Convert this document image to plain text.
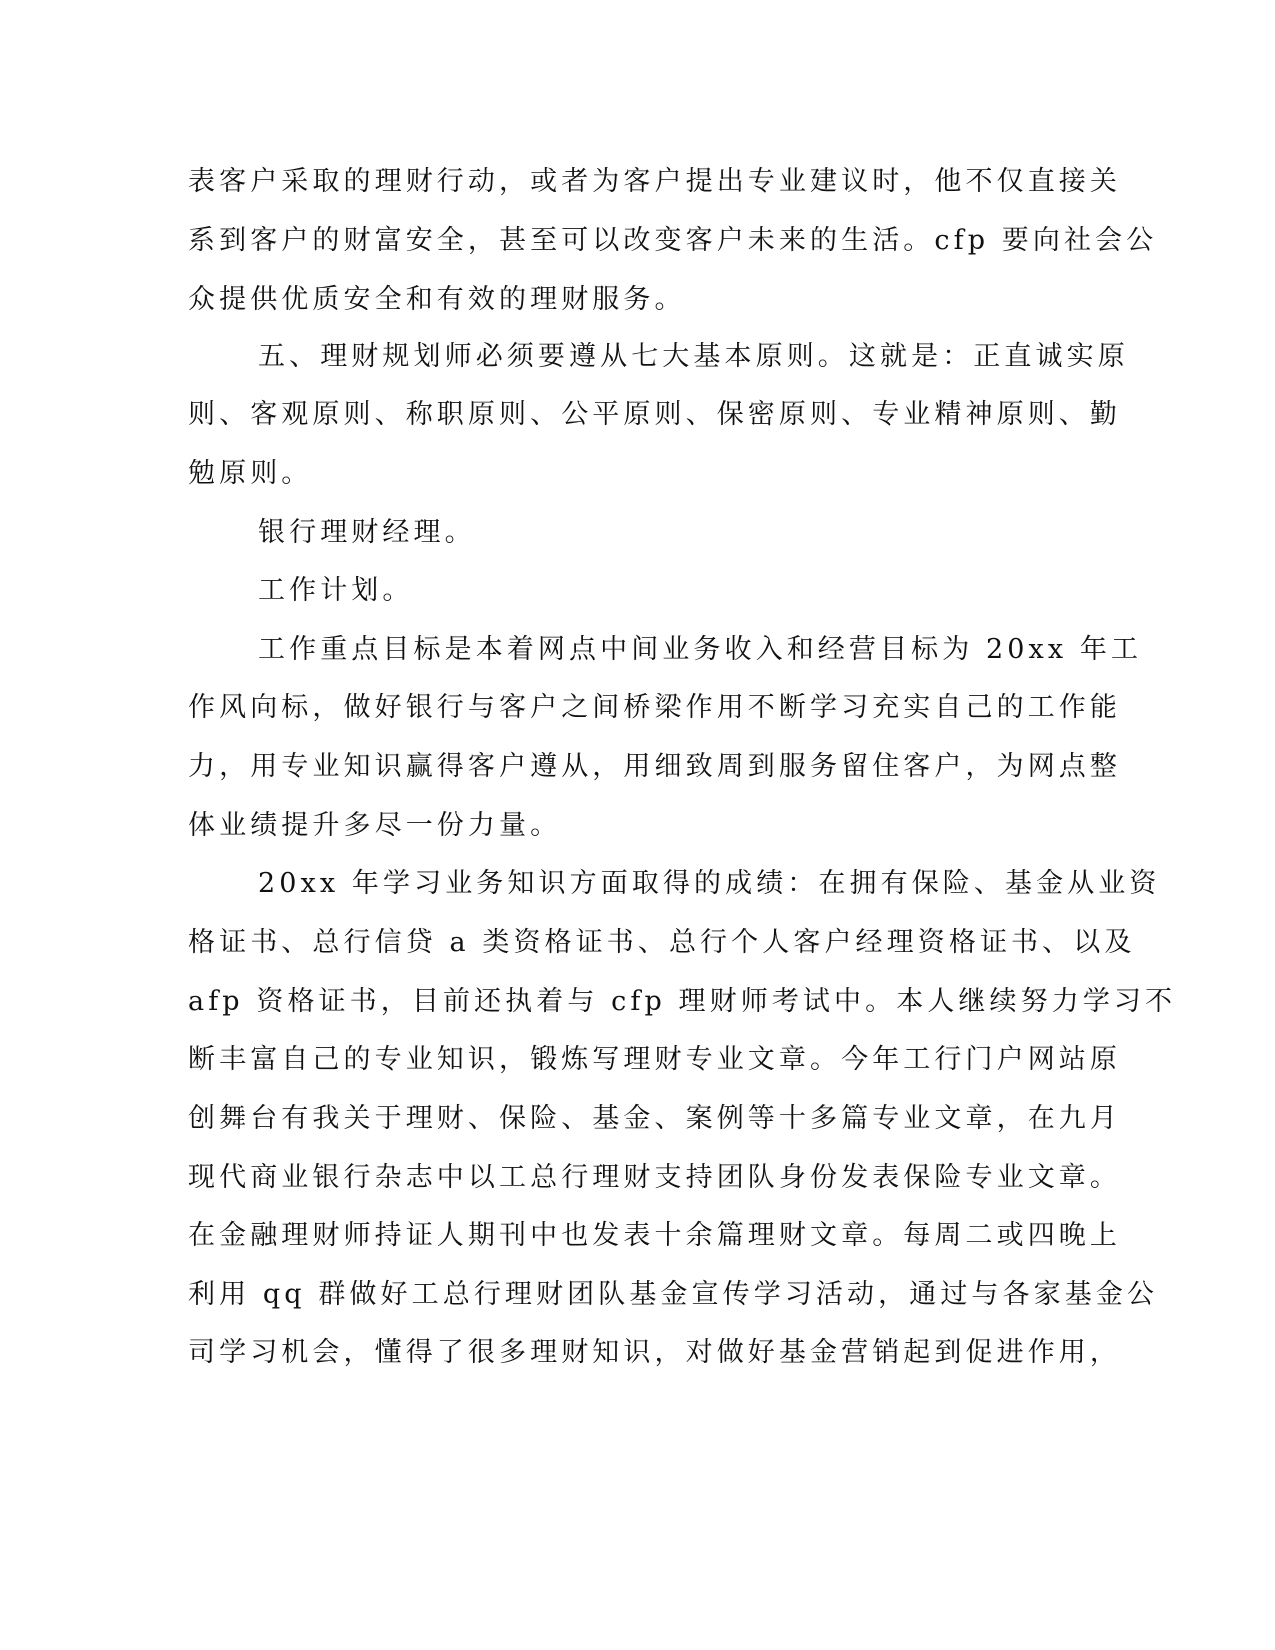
表客户采取的理财行动，或者为客户提出专业建议时，他不仅直接关
系到客户的财富安全，甚至可以改变客户未来的生活。cfp 要向社会公
众提供优质安全和有效的理财服务。
五、理财规划师必须要遵从七大基本原则。这就是：正直诚实原
则、客观原则、称职原则、公平原则、保密原则、专业精神原则、勤
勉原则。
银行理财经理。
工作计划。
工作重点目标是本着网点中间业务收入和经营目标为 20xx 年工
作风向标，做好银行与客户之间桥梁作用不断学习充实自己的工作能
力，用专业知识赢得客户遵从，用细致周到服务留住客户，为网点整
体业绩提升多尽一份力量。
20xx 年学习业务知识方面取得的成绩：在拥有保险、基金从业资
格证书、总行信贷 a 类资格证书、总行个人客户经理资格证书、以及
afp 资格证书，目前还执着与 cfp 理财师考试中。本人继续努力学习不
断丰富自己的专业知识，锻炼写理财专业文章。今年工行门户网站原
创舞台有我关于理财、保险、基金、案例等十多篇专业文章，在九月
现代商业银行杂志中以工总行理财支持团队身份发表保险专业文章。
在金融理财师持证人期刊中也发表十余篇理财文章。每周二或四晚上
利用 qq 群做好工总行理财团队基金宣传学习活动，通过与各家基金公
司学习机会，懂得了很多理财知识，对做好基金营销起到促进作用，
